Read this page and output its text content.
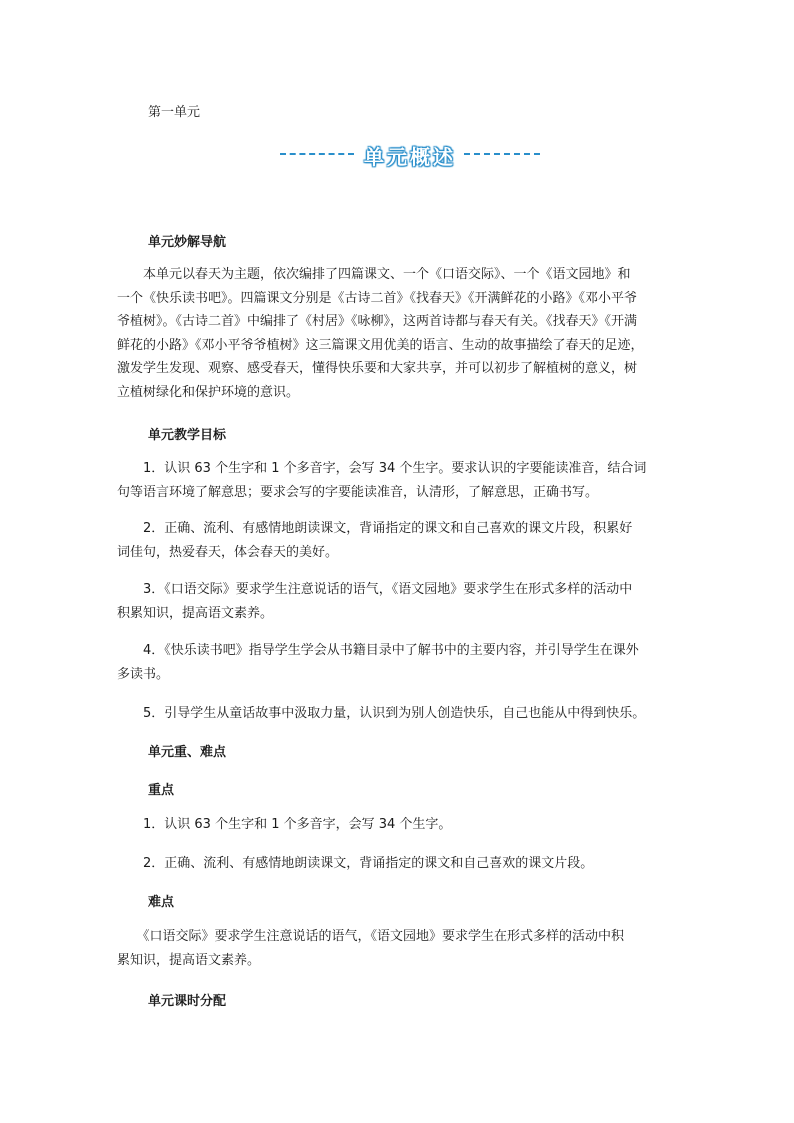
第一单元
单元概述
单元妙解导航
　　本单元以春天为主题，依次编排了四篇课文、一个《口语交际》、一个《语文园地》和
一个《快乐读书吧》。四篇课文分别是《古诗二首》《找春天》《开满鲜花的小路》《邓小平爷
爷植树》。《古诗二首》中编排了《村居》《咏柳》，这两首诗都与春天有关。《找春天》《开满
鲜花的小路》《邓小平爷爷植树》这三篇课文用优美的语言、生动的故事描绘了春天的足迹，
激发学生发现、观察、感受春天，懂得快乐要和大家共享，并可以初步了解植树的意义，树
立植树绿化和保护环境的意识。
单元教学目标
　　1．认识 63 个生字和 1 个多音字，会写 34 个生字。要求认识的字要能读准音，结合词
句等语言环境了解意思；要求会写的字要能读准音，认清形，了解意思，正确书写。
　　2．正确、流利、有感情地朗读课文，背诵指定的课文和自己喜欢的课文片段，积累好
词佳句，热爱春天，体会春天的美好。
　　3．《口语交际》要求学生注意说话的语气，《语文园地》要求学生在形式多样的活动中
积累知识，提高语文素养。
　　4．《快乐读书吧》指导学生学会从书籍目录中了解书中的主要内容，并引导学生在课外
多读书。
　　5．引导学生从童话故事中汲取力量，认识到为别人创造快乐，自己也能从中得到快乐。
单元重、难点
重点
　　1．认识 63 个生字和 1 个多音字，会写 34 个生字。
　　2．正确、流利、有感情地朗读课文，背诵指定的课文和自己喜欢的课文片段。
难点
　　《口语交际》要求学生注意说话的语气，《语文园地》要求学生在形式多样的活动中积
累知识，提高语文素养。
单元课时分配
